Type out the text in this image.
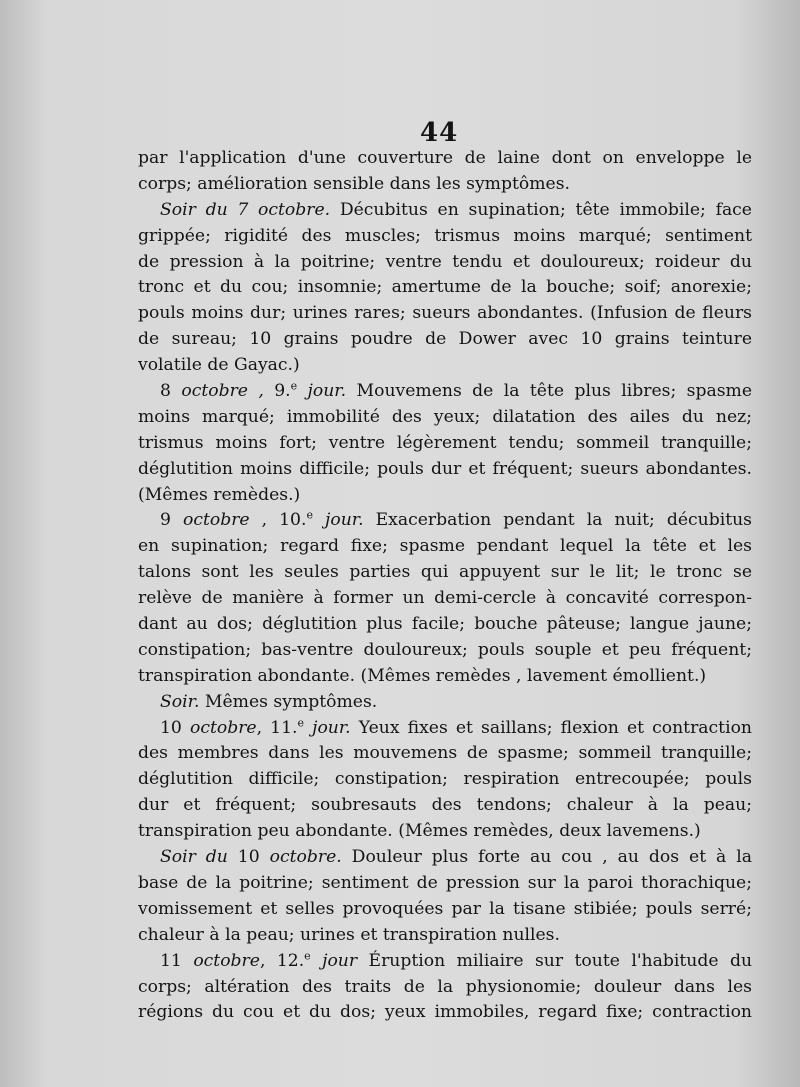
44
par l'application d'une couverture de laine dont on enveloppe le
corps; amélioration sensible dans les symptômes.
Soir du 7 octobre. Décubitus en supination; tête immobile; face
grippée; rigidité des muscles; trismus moins marqué; sentiment
de pression à la poitrine; ventre tendu et douloureux; roideur du
tronc et du cou; insomnie; amertume de la bouche; soif; anorexie;
pouls moins dur; urines rares; sueurs abondantes. (Infusion de fleurs
de sureau; 10 grains poudre de Dower avec 10 grains teinture
volatile de Gayac.)
8 octobre , 9.$^e$ jour. Mouvemens de la tête plus libres; spasme
moins marqué; immobilité des yeux; dilatation des ailes du nez;
trismus moins fort; ventre légèrement tendu; sommeil tranquille;
déglutition moins difficile; pouls dur et fréquent; sueurs abondantes.
(Mêmes remèdes.)
9 octobre , 10.$^e$ jour. Exacerbation pendant la nuit; décubitus
en supination; regard fixe; spasme pendant lequel la tête et les
talons sont les seules parties qui appuyent sur le lit; le tronc se
relève de manière à former un demi-cercle à concavité correspon-
dant au dos; déglutition plus facile; bouche pâteuse; langue jaune;
constipation; bas-ventre douloureux; pouls souple et peu fréquent;
transpiration abondante. (Mêmes remèdes , lavement émollient.)
Soir. Mêmes symptômes.
10 octobre, 11.$^e$ jour. Yeux fixes et saillans; flexion et contraction
des membres dans les mouvemens de spasme; sommeil tranquille;
déglutition difficile; constipation; respiration entrecoupée; pouls
dur et fréquent; soubresauts des tendons; chaleur à la peau;
transpiration peu abondante. (Mêmes remèdes, deux lavemens.)
Soir du 10 octobre. Douleur plus forte au cou , au dos et à la
base de la poitrine; sentiment de pression sur la paroi thorachique;
vomissement et selles provoquées par la tisane stibiée; pouls serré;
chaleur à la peau; urines et transpiration nulles.
11 octobre, 12.$^e$ jour Éruption miliaire sur toute l'habitude du
corps; altération des traits de la physionomie; douleur dans les
régions du cou et du dos; yeux immobiles, regard fixe; contraction
